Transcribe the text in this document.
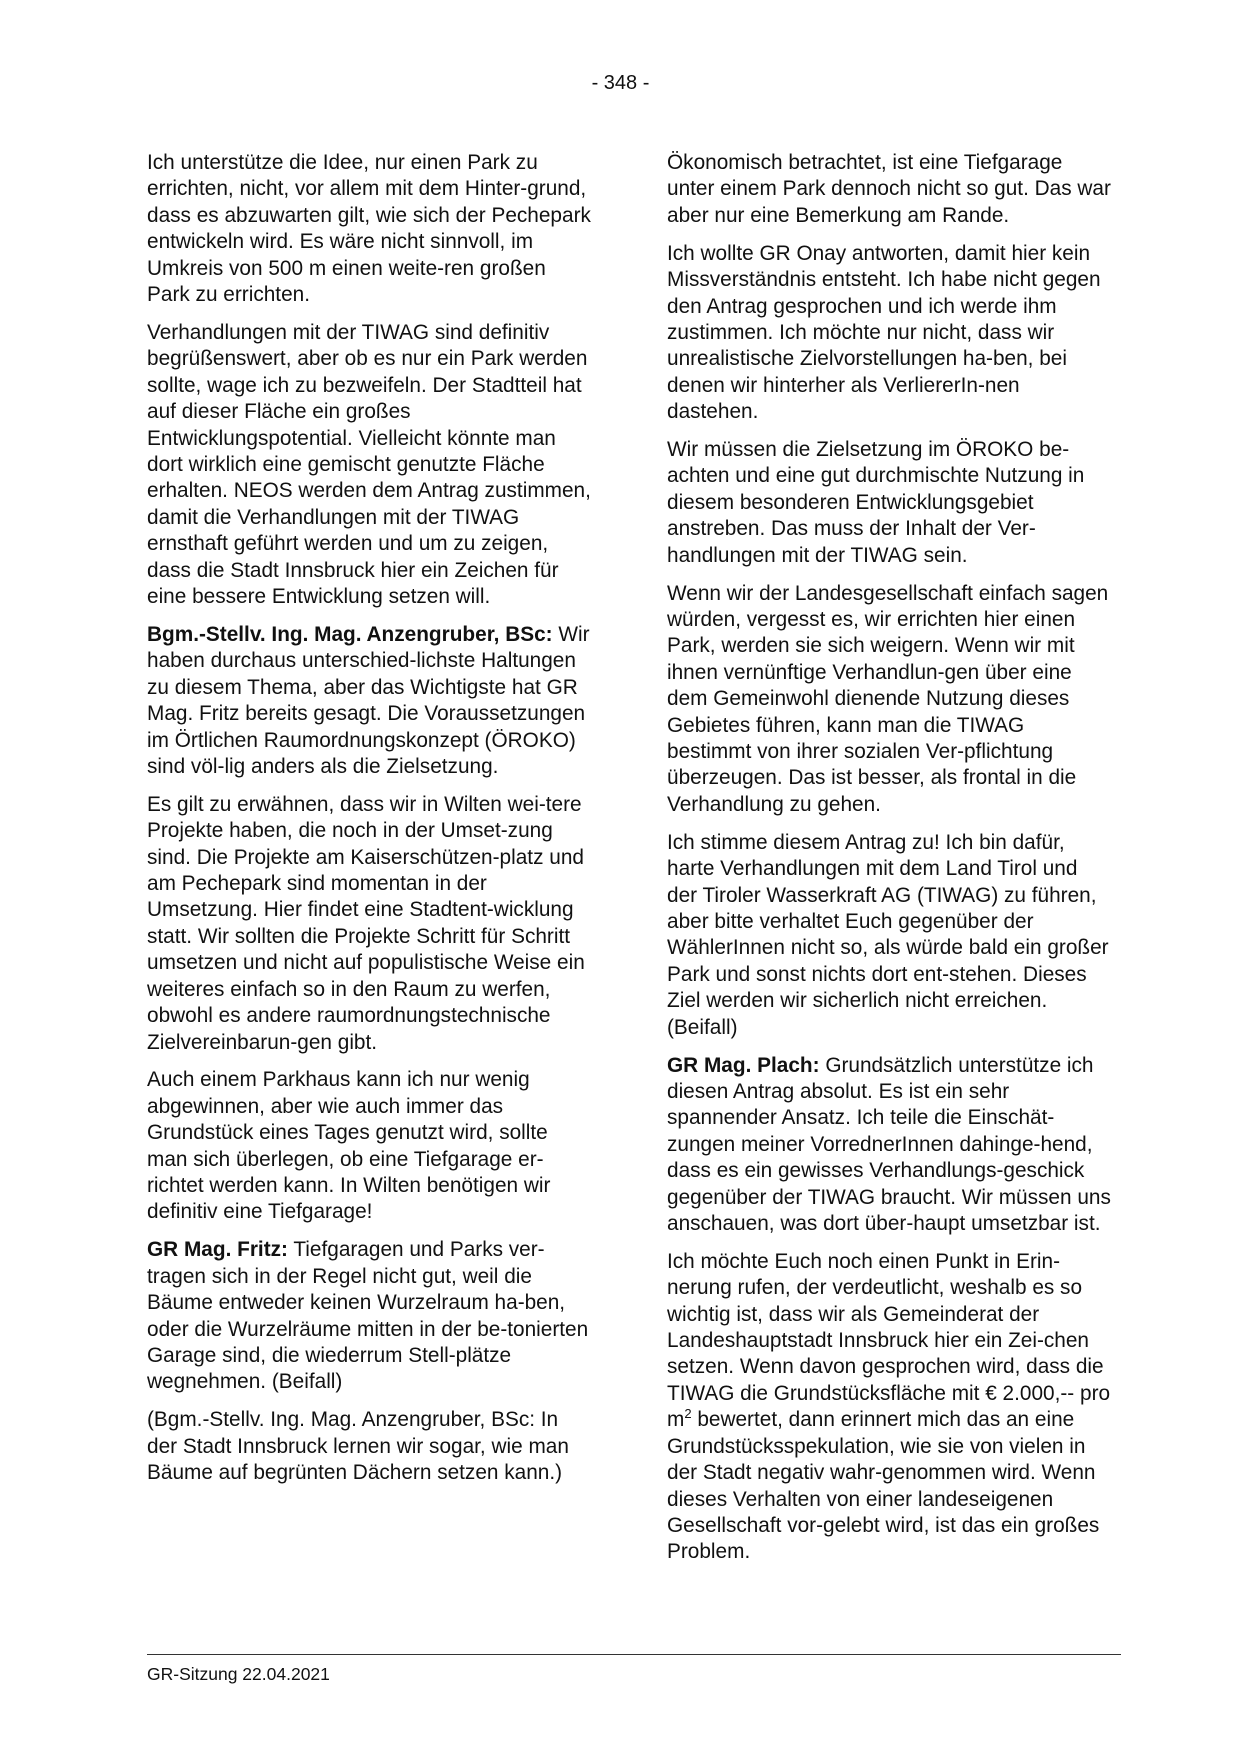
- 348 -

Ich unterstütze die Idee, nur einen Park zu errichten, nicht, vor allem mit dem Hinter-grund, dass es abzuwarten gilt, wie sich der Pechepark entwickeln wird. Es wäre nicht sinnvoll, im Umkreis von 500 m einen weite-ren großen Park zu errichten.

Verhandlungen mit der TIWAG sind definitiv begrüßenswert, aber ob es nur ein Park werden sollte, wage ich zu bezweifeln. Der Stadtteil hat auf dieser Fläche ein großes Entwicklungspotential. Vielleicht könnte man dort wirklich eine gemischt genutzte Fläche erhalten. NEOS werden dem Antrag zustimmen, damit die Verhandlungen mit der TIWAG ernsthaft geführt werden und um zu zeigen, dass die Stadt Innsbruck hier ein Zeichen für eine bessere Entwicklung setzen will.

Bgm.-Stellv. Ing. Mag. Anzengruber, BSc: Wir haben durchaus unterschied-lichste Haltungen zu diesem Thema, aber das Wichtigste hat GR Mag. Fritz bereits gesagt. Die Voraussetzungen im Örtlichen Raumordnungskonzept (ÖROKO) sind völ-lig anders als die Zielsetzung.

Es gilt zu erwähnen, dass wir in Wilten wei-tere Projekte haben, die noch in der Umset-zung sind. Die Projekte am Kaiserschützen-platz und am Pechepark sind momentan in der Umsetzung. Hier findet eine Stadtent-wicklung statt. Wir sollten die Projekte Schritt für Schritt umsetzen und nicht auf populistische Weise ein weiteres einfach so in den Raum zu werfen, obwohl es andere raumordnungstechnische Zielvereinbarun-gen gibt.

Auch einem Parkhaus kann ich nur wenig abgewinnen, aber wie auch immer das Grundstück eines Tages genutzt wird, sollte man sich überlegen, ob eine Tiefgarage er-richtet werden kann. In Wilten benötigen wir definitiv eine Tiefgarage!

GR Mag. Fritz: Tiefgaragen und Parks ver-tragen sich in der Regel nicht gut, weil die Bäume entweder keinen Wurzelraum ha-ben, oder die Wurzelräume mitten in der be-tonierten Garage sind, die wiederrum Stell-plätze wegnehmen. (Beifall)

(Bgm.-Stellv. Ing. Mag. Anzengruber, BSc: In der Stadt Innsbruck lernen wir sogar, wie man Bäume auf begrünten Dächern setzen kann.)

Ökonomisch betrachtet, ist eine Tiefgarage unter einem Park dennoch nicht so gut. Das war aber nur eine Bemerkung am Rande.

Ich wollte GR Onay antworten, damit hier kein Missverständnis entsteht. Ich habe nicht gegen den Antrag gesprochen und ich werde ihm zustimmen. Ich möchte nur nicht, dass wir unrealistische Zielvorstellungen ha-ben, bei denen wir hinterher als VerliererIn-nen dastehen.

Wir müssen die Zielsetzung im ÖROKO be-achten und eine gut durchmischte Nutzung in diesem besonderen Entwicklungsgebiet anstreben. Das muss der Inhalt der Ver-handlungen mit der TIWAG sein.

Wenn wir der Landesgesellschaft einfach sagen würden, vergesst es, wir errichten hier einen Park, werden sie sich weigern. Wenn wir mit ihnen vernünftige Verhandlun-gen über eine dem Gemeinwohl dienende Nutzung dieses Gebietes führen, kann man die TIWAG bestimmt von ihrer sozialen Ver-pflichtung überzeugen. Das ist besser, als frontal in die Verhandlung zu gehen.

Ich stimme diesem Antrag zu! Ich bin dafür, harte Verhandlungen mit dem Land Tirol und der Tiroler Wasserkraft AG (TIWAG) zu führen, aber bitte verhaltet Euch gegenüber der WählerInnen nicht so, als würde bald ein großer Park und sonst nichts dort ent-stehen. Dieses Ziel werden wir sicherlich nicht erreichen. (Beifall)

GR Mag. Plach: Grundsätzlich unterstütze ich diesen Antrag absolut. Es ist ein sehr spannender Ansatz. Ich teile die Einschät-zungen meiner VorrednerInnen dahinge-hend, dass es ein gewisses Verhandlungs-geschick gegenüber der TIWAG braucht. Wir müssen uns anschauen, was dort über-haupt umsetzbar ist.

Ich möchte Euch noch einen Punkt in Erin-nerung rufen, der verdeutlicht, weshalb es so wichtig ist, dass wir als Gemeinderat der Landeshauptstadt Innsbruck hier ein Zei-chen setzen. Wenn davon gesprochen wird, dass die TIWAG die Grundstücksfläche mit € 2.000,-- pro $m^2$ bewertet, dann erinnert mich das an eine Grundstücksspekulation, wie sie von vielen in der Stadt negativ wahr-genommen wird. Wenn dieses Verhalten von einer landeseigenen Gesellschaft vor-gelebt wird, ist das ein großes Problem.

GR-Sitzung 22.04.2021
